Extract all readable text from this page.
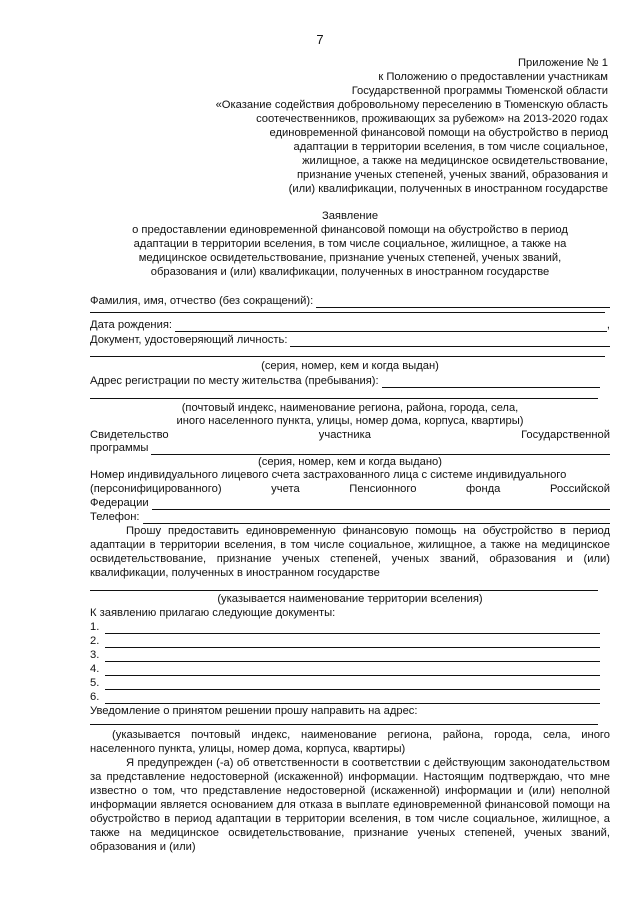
7
Приложение № 1
к Положению о предоставлении участникам
Государственной программы Тюменской области
«Оказание содействия добровольному переселению в Тюменскую область
соотечественников, проживающих за рубежом» на 2013-2020 годах
единовременной финансовой помощи на обустройство в период
адаптации в территории вселения, в том числе социальное,
жилищное, а также на медицинское освидетельствование,
признание ученых степеней, ученых званий, образования и
(или) квалификации, полученных в иностранном государстве
Заявление
о предоставлении единовременной финансовой помощи на обустройство в период
адаптации в территории вселения, в том числе социальное, жилищное, а также на
медицинское освидетельствование, признание ученых степеней, ученых званий,
образования и (или) квалификации, полученных в иностранном государстве
Фамилия, имя, отчество (без сокращений):
Дата рождения:	,
Документ, удостоверяющий личность:
(серия, номер, кем и когда выдан)
Адрес регистрации по месту жительства (пребывания):
(почтовый индекс, наименование региона, района, города, села,
иного населенного пункта, улицы, номер дома, корпуса, квартиры)
Свидетельство	участника	Государственной
программы
(серия, номер, кем и когда выдано)
Номер индивидуального лицевого счета застрахованного лица с системе индивидуального
(персонифицированного)	учета	Пенсионного	фонда	Российской
Федерации
Телефон:
Прошу предоставить единовременную финансовую помощь на обустройство в период адаптации в территории вселения, в том числе социальное, жилищное, а также на медицинское освидетельствование, признание ученых степеней, ученых званий, образования и (или) квалификации, полученных в иностранном государстве
(указывается наименование территории вселения)
К заявлению прилагаю следующие документы:
1.
2.
3.
4.
5.
6.
Уведомление о принятом решении прошу направить на адрес:
(указывается почтовый индекс, наименование региона, района, города, села, иного населенного пункта, улицы, номер дома, корпуса, квартиры)
Я предупрежден (-а) об ответственности в соответствии с действующим законодательством за представление недостоверной (искаженной) информации. Настоящим подтверждаю, что мне известно о том, что представление недостоверной (искаженной) информации и (или) неполной информации является основанием для отказа в выплате единовременной финансовой помощи на обустройство в период адаптации в территории вселения, в том числе социальное, жилищное, а также на медицинское освидетельствование, признание ученых степеней, ученых званий, образования и (или)
